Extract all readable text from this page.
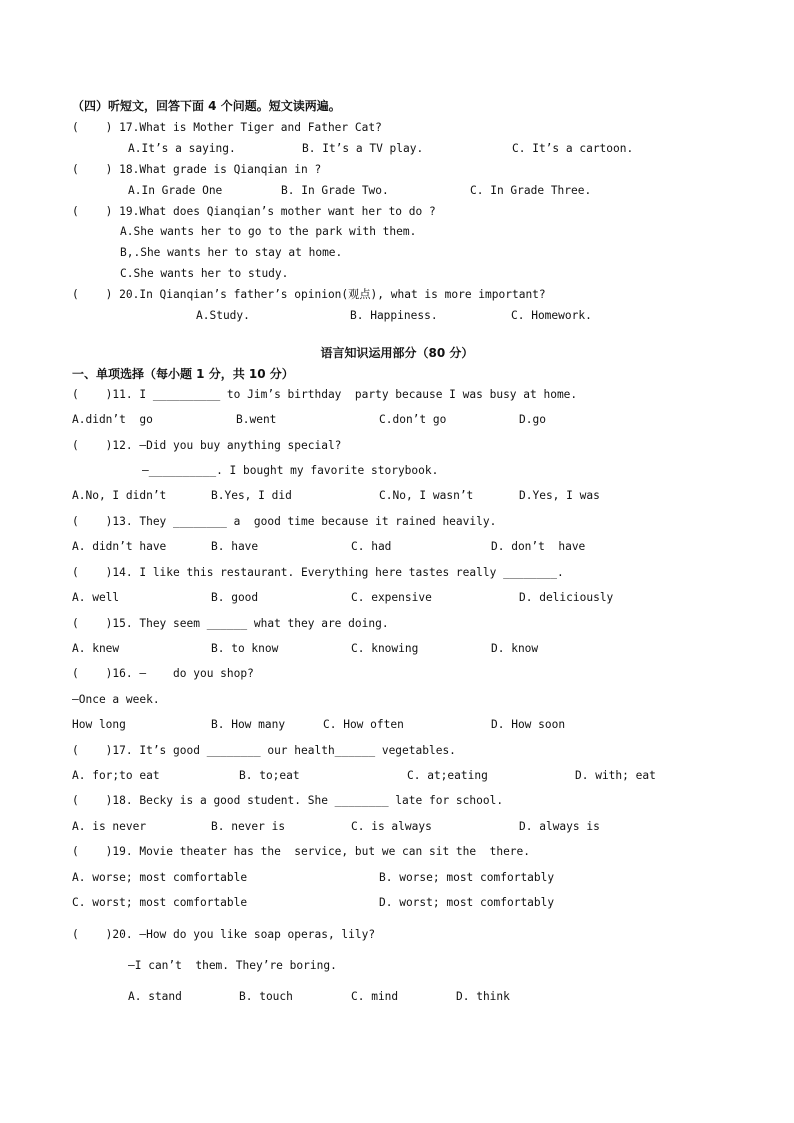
（四）听短文，回答下面 4 个问题。短文读两遍。
(    ) 17.What is Mother Tiger and Father Cat?
A.It’s a saying.	B. It’s a TV play.	C. It’s a cartoon.
(    ) 18.What grade is Qianqian in ?
A.In Grade One	B. In Grade Two.	C. In Grade Three.
(    ) 19.What does Qianqian’s mother want her to do ?
A.She wants her to go to the park with them.
B,.She wants her to stay at home.
C.She wants her to study.
(    ) 20.In Qianqian’s father’s opinion(观点), what is more important?
A.Study.	B. Happiness.	C. Homework.
语言知识运用部分（80 分）
一、单项选择（每小题 1 分，共 10 分）
(    )11. I __________ to Jim’s birthday  party because I was busy at home.
A.didn’t  go	B.went	C.don’t go	D.go
(    )12. —Did you buy anything special?
—__________. I bought my favorite storybook.
A.No, I didn’t	B.Yes, I did	C.No, I wasn’t	D.Yes, I was
(    )13. They ________ a  good time because it rained heavily.
A. didn’t have	B. have	C. had	D. don’t  have
(    )14. I like this restaurant. Everything here tastes really ________.
A. well	B. good	C. expensive	D. deliciously
(    )15. They seem ______ what they are doing.
A. knew	B. to know	C. knowing	D. know
(    )16. —    do you shop?
—Once a week.
How long	B. How many	C. How often	D. How soon
(    )17. It’s good ________ our health______ vegetables.
A. for;to eat	B. to;eat	C. at;eating	D. with; eat
(    )18. Becky is a good student. She ________ late for school.
A. is never	B. never is	C. is always	D. always is
(    )19. Movie theater has the  service, but we can sit the  there.
A. worse; most comfortable	B. worse; most comfortably
C. worst; most comfortable	D. worst; most comfortably
(    )20. —How do you like soap operas, lily?
—I can’t  them. They’re boring.
A. stand	B. touch	C. mind	D. think
